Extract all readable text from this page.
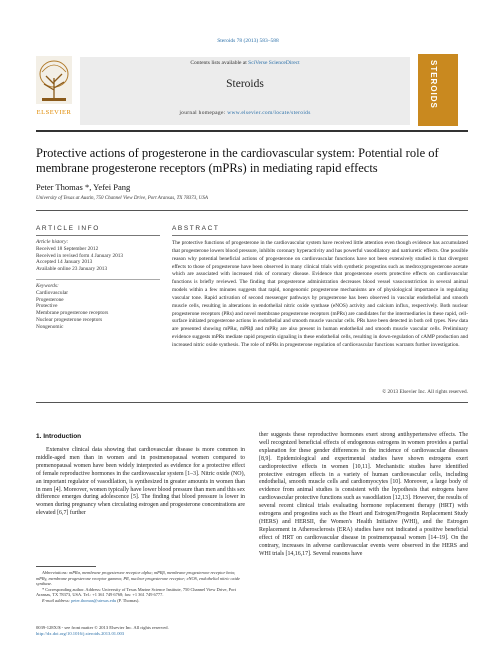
Steroids 78 (2013) 583–588
Contents lists available at SciVerse ScienceDirect
Steroids
journal homepage: www.elsevier.com/locate/steroids
ELSEVIER
STEROIDS
Protective actions of progesterone in the cardiovascular system: Potential role of membrane progesterone receptors (mPRs) in mediating rapid effects
Peter Thomas *, Yefei Pang
University of Texas at Austin, 750 Channel View Drive, Port Aransas, TX 78373, USA
ARTICLE INFO

Article history:

Received 18 September 2012

Received in revised form 4 January 2013

Accepted 14 January 2013

Available online 23 January 2013

Keywords:

Cardiovascular

Progesterone

Protective

Membrane progesterone receptors

Nuclear progesterone receptors

Nongenomic

ABSTRACT
The protective functions of progesterone in the cardiovascular system have received little attention even though evidence has accumulated that progesterone lowers blood pressure, inhibits coronary hyperactivity and has powerful vasodilatory and natriuretic effects. One possible reason why potential beneficial actions of progesterone on cardiovascular functions have not been extensively studied is that divergent effects to those of progesterone have been observed in many clinical trials with synthetic progestins such as medroxyprogesterone acetate which are associated with increased risk of coronary disease. Evidence that progesterone exerts protective effects on cardiovascular functions is briefly reviewed. The finding that progesterone administration decreases blood vessel vasoconstriction in several animal models within a few minutes suggests that rapid, nongenomic progesterone mechanisms are of physiological importance in regulating vascular tone. Rapid activation of second messenger pathways by progesterone has been observed in vascular endothelial and smooth muscle cells, resulting in alterations in endothelial nitric oxide synthase (eNOS) activity and calcium influx, respectively. Both nuclear progesterone receptors (PRs) and novel membrane progesterone receptors (mPRs) are candidates for the intermediaries in these rapid, cell-surface initiated progesterone actions in endothelial and smooth muscle vascular cells. PRs have been detected in both cell types. New data are presented showing mPRα, mPRβ and mPRγ are also present in human endothelial and smooth muscle vascular cells. Preliminary evidence suggests mPRs mediate rapid progestin signaling in these endothelial cells, resulting in down-regulation of cAMP production and increased nitric oxide synthesis. The role of mPRs in progesterone regulation of cardiovascular functions warrants further investigation.
© 2013 Elsevier Inc. All rights reserved.
1. Introduction
Extensive clinical data showing that cardiovascular disease is more common in middle-aged men than in women and in postmenopausal women compared to premenopausal women have been widely interpreted as evidence for a protective effect of female reproductive hormones in the cardiovascular system [1–3]. Nitric oxide (NO), an important regulator of vasodilation, is synthesized in greater amounts in women than in men [4]. Moreover, women typically have lower blood pressure than men and this sex difference emerges during adolescence [5]. The finding that blood pressure is lower in women during pregnancy when circulating estrogen and progesterone concentrations are elevated [6,7] further
ther suggests these reproductive hormones exert strong antihypertensive effects. The well recognized beneficial effects of endogenous estrogens in women provides a partial explanation for these gender differences in the incidence of cardiovascular diseases [8,9]. Epidemiological and experimental studies have shown estrogens exert cardioprotective effects in women [10,11]. Mechanistic studies have identified protective estrogen effects in a variety of human cardiovascular cells, including endothelial, smooth muscle cells and cardiomyocytes [10]. Moreover, a large body of evidence from animal studies is consistent with the hypothesis that estrogens have cardiovascular protective functions such as vasodilation [12,13]. However, the results of several recent clinical trials evaluating hormone replacement therapy (HRT) with estrogens and progestins such as the Heart and Estrogen/Progestin Replacement Study (HERS) and HERSII, the Women's Health Initiative (WHI), and the Estrogen Replacement in Atherosclerosis (ERA) studies have not indicated a positive beneficial effect of HRT on cardiovascular disease in postmenopausal women [14–19]. On the contrary, increases in adverse cardiovascular events were observed in the HERS and WHI trials [14,16,17]. Several reasons have

Abbreviations: mPRα, membrane progesterone receptor alpha; mPRβ, membrane progesterone receptor beta; mPRγ, membrane progesterone receptor gamma; PR, nuclear progesterone receptor; eNOS, endothelial nitric oxide synthase.

* Corresponding author. Address: University of Texas Marine Science Institute, 750 Channel View Drive, Port Aransas, TX 78373, USA. Tel.: +1 361 749 6768; fax: +1 361 749 6777.

E-mail address: peter.thomas@utexas.edu (P. Thomas).

0039-128X/$ - see front matter © 2013 Elsevier Inc. All rights reserved.

http://dx.doi.org/10.1016/j.steroids.2013.01.003
